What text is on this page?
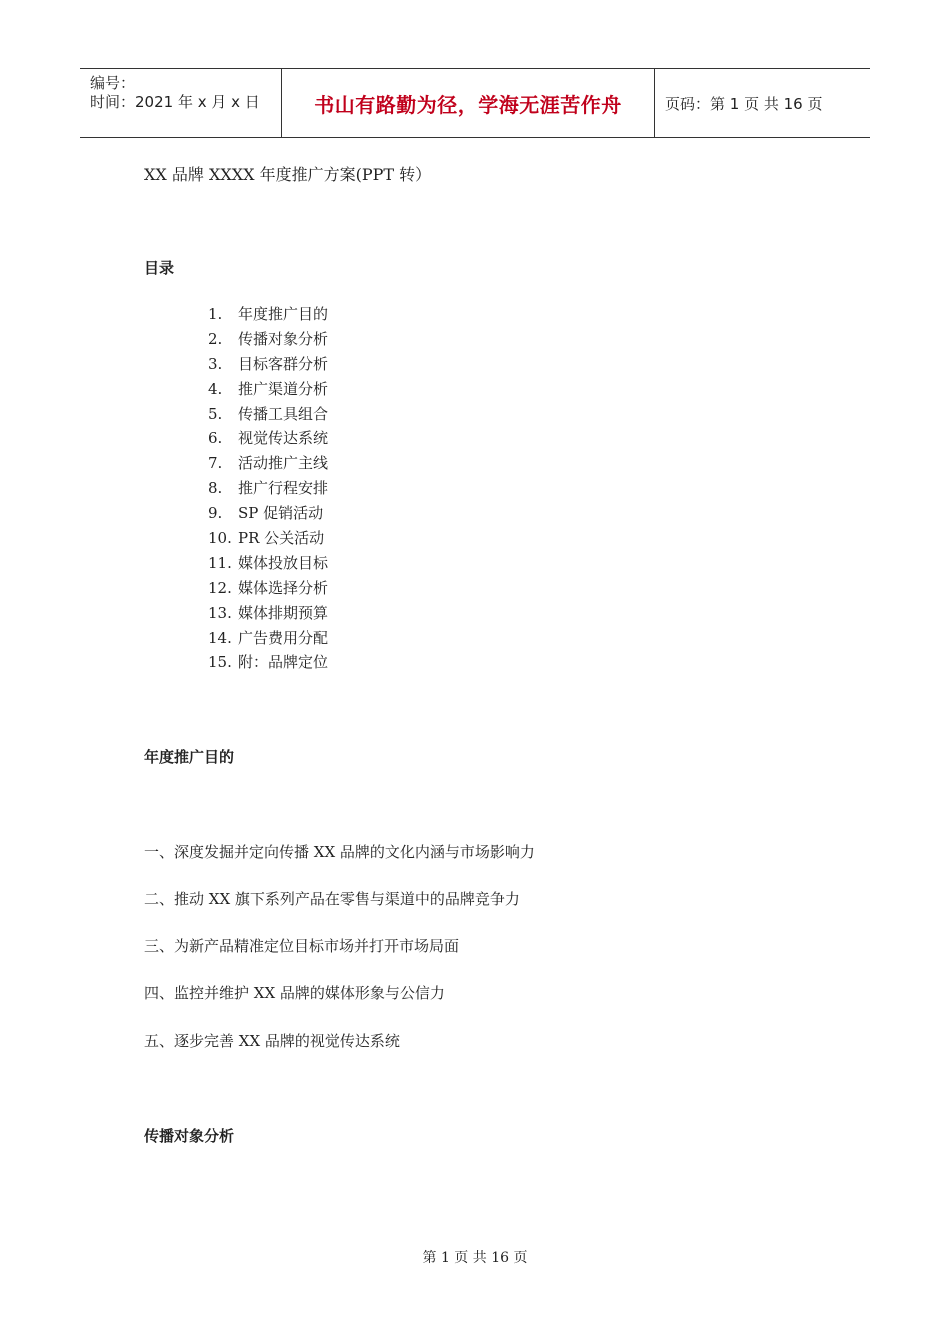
编号：
时间：2021 年 x 月 x 日	书山有路勤为径，学海无涯苦作舟	页码：第 1 页 共 16 页
XX 品牌 XXXX 年度推广方案(PPT 转）
目录
1. 年度推广目的
2. 传播对象分析
3. 目标客群分析
4. 推广渠道分析
5. 传播工具组合
6. 视觉传达系统
7. 活动推广主线
8. 推广行程安排
9. SP 促销活动
10. PR 公关活动
11. 媒体投放目标
12. 媒体选择分析
13. 媒体排期预算
14. 广告费用分配
15. 附：品牌定位
年度推广目的
一、深度发掘并定向传播 XX 品牌的文化内涵与市场影响力
二、推动 XX 旗下系列产品在零售与渠道中的品牌竞争力
三、为新产品精准定位目标市场并打开市场局面
四、监控并维护 XX 品牌的媒体形象与公信力
五、逐步完善 XX 品牌的视觉传达系统
传播对象分析
第 1 页 共 16 页
